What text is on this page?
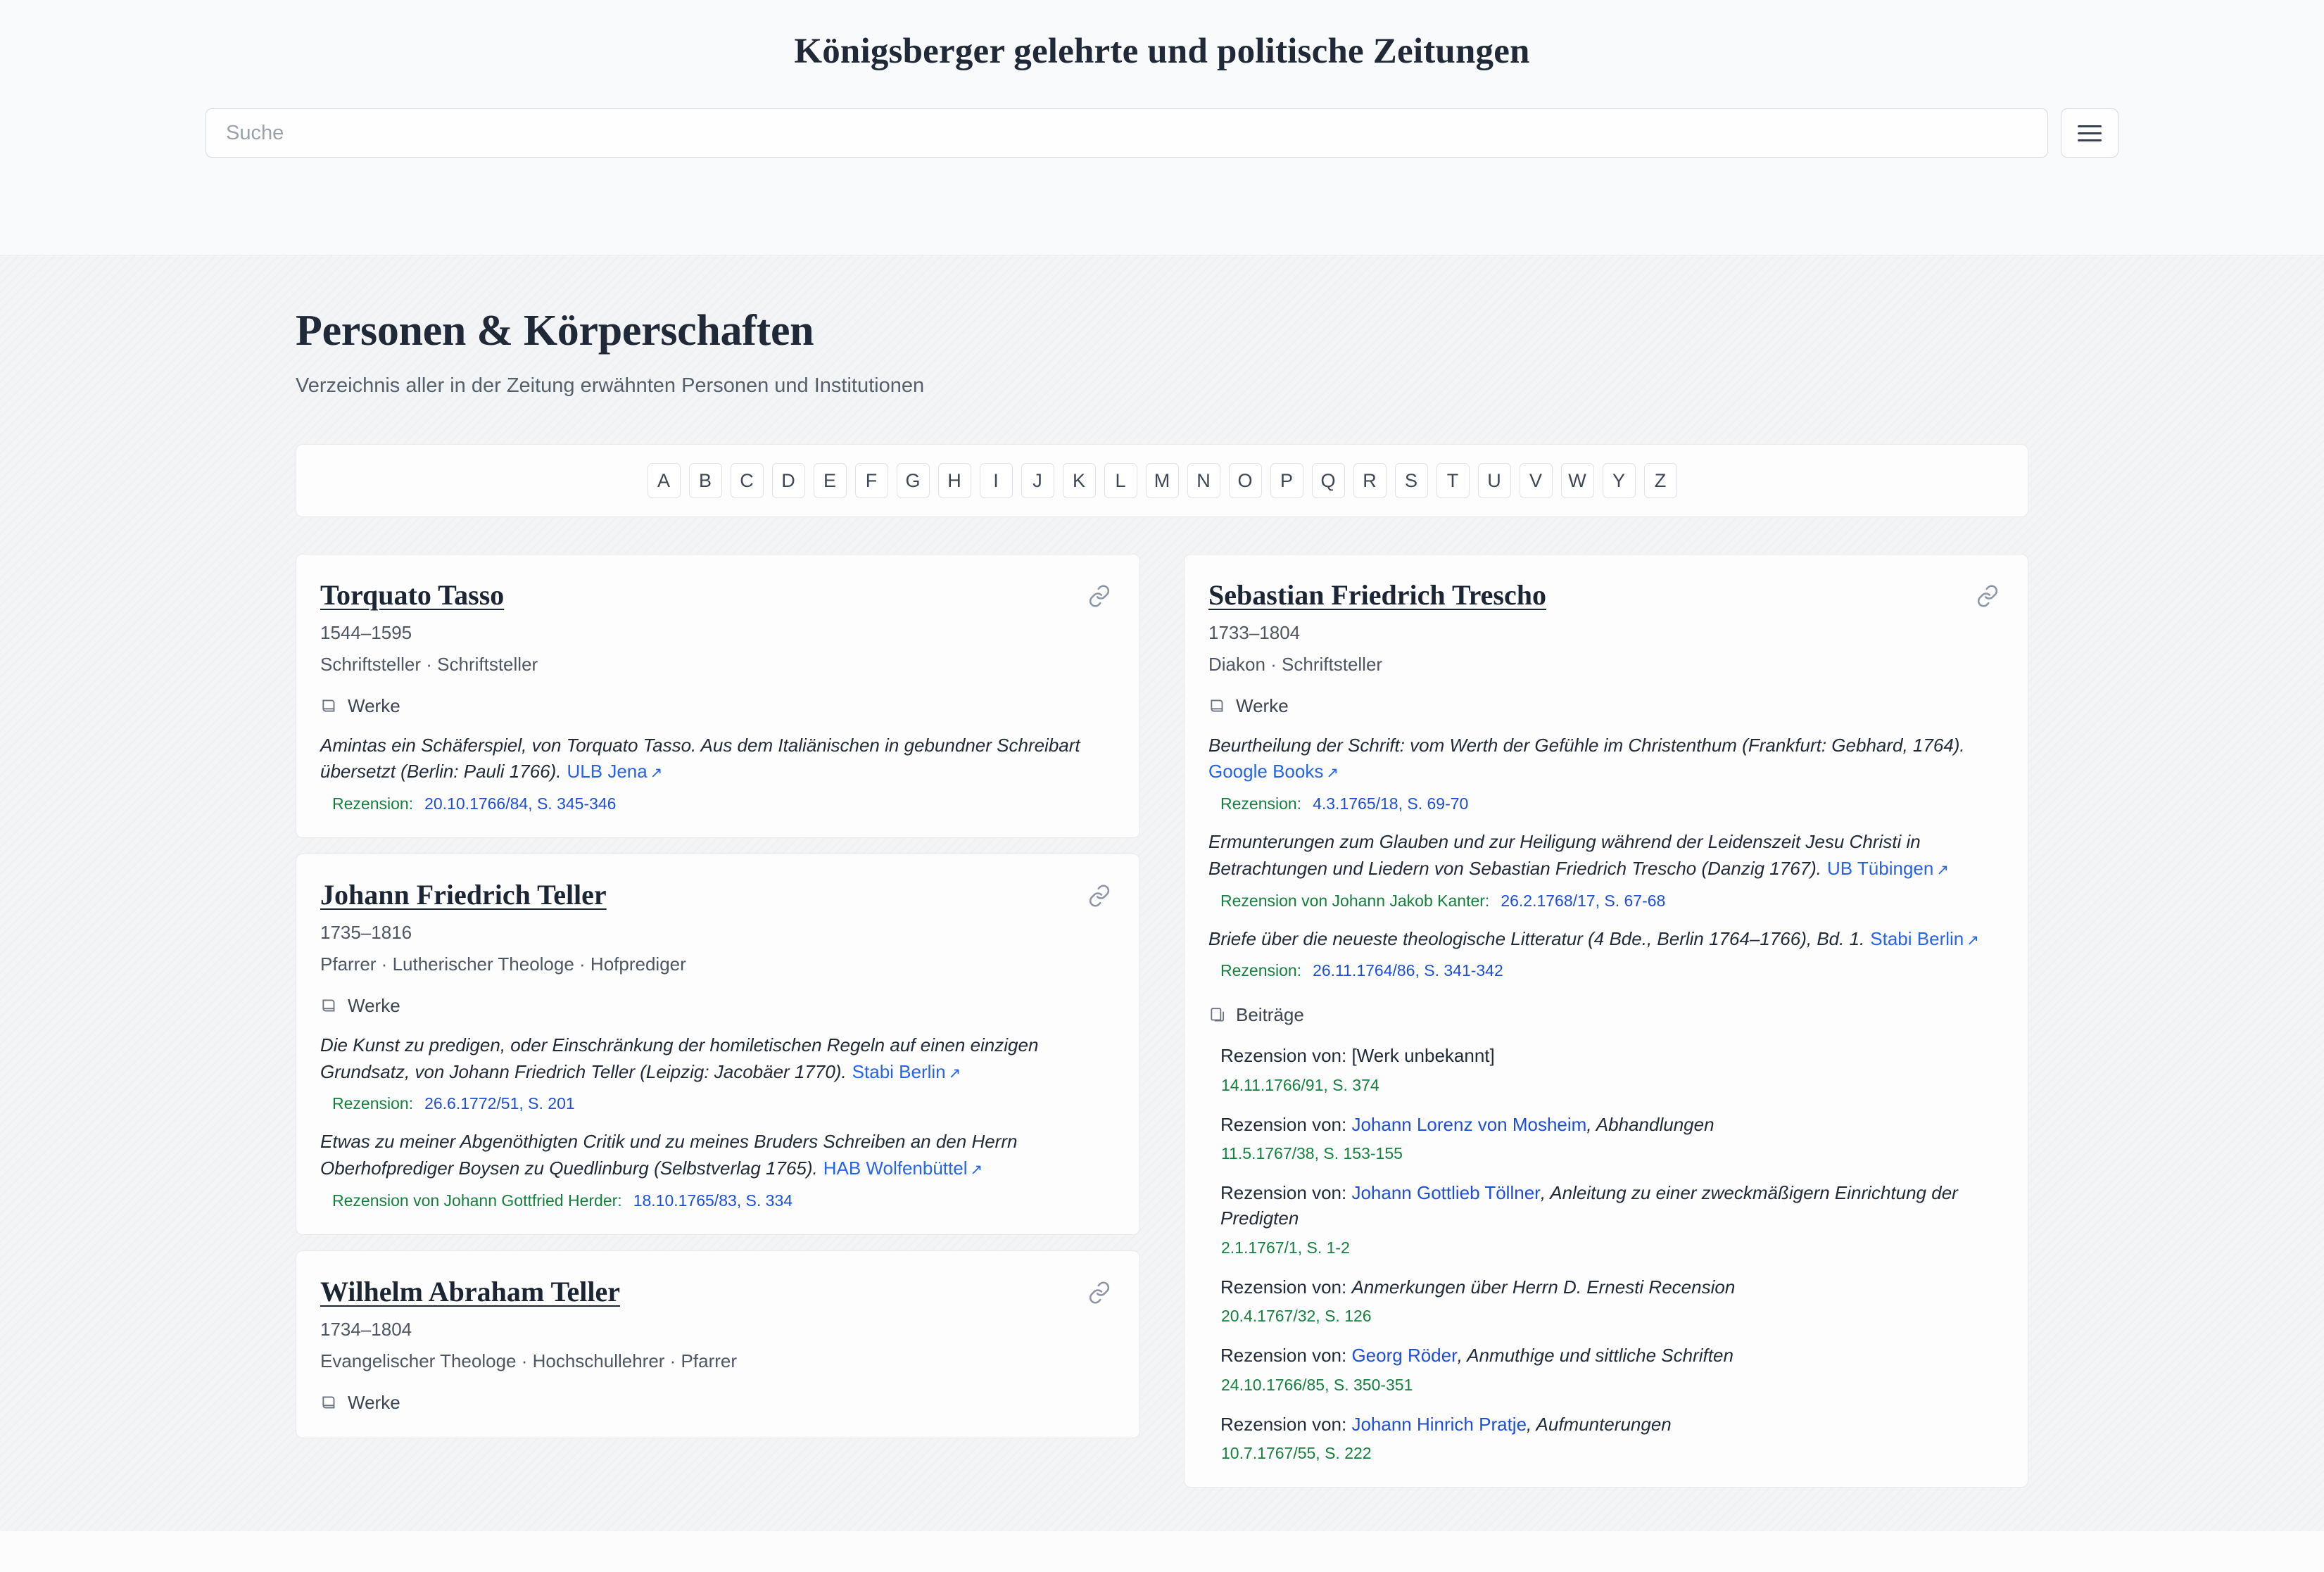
Königsberger gelehrte und politische Zeitungen
Suche
Personen & Körperschaften
Verzeichnis aller in der Zeitung erwähnten Personen und Institutionen
A	B	C	D	E	F	G	H	I	J	K	L	M	N	O	P	Q	R	S	T	U	V	W	Y	Z
Torquato Tasso
1544–1595
Schriftsteller · Schriftsteller
Werke
Amintas ein Schäferspiel, von Torquato Tasso. Aus dem Italiänischen in gebundner Schreibart übersetzt (Berlin: Pauli 1766). ULB Jena ↗
Rezension: 20.10.1766/84, S. 345-346
Johann Friedrich Teller
1735–1816
Pfarrer · Lutherischer Theologe · Hofprediger
Werke
Die Kunst zu predigen, oder Einschränkung der homiletischen Regeln auf einen einzigen Grundsatz, von Johann Friedrich Teller (Leipzig: Jacobäer 1770). Stabi Berlin ↗
Rezension: 26.6.1772/51, S. 201
Etwas zu meiner Abgenöthigten Critik und zu meines Bruders Schreiben an den Herrn Oberhofprediger Boysen zu Quedlinburg (Selbstverlag 1765). HAB Wolfenbüttel ↗
Rezension von Johann Gottfried Herder: 18.10.1765/83, S. 334
Wilhelm Abraham Teller
1734–1804
Evangelischer Theologe · Hochschullehrer · Pfarrer
Werke
Sebastian Friedrich Trescho
1733–1804
Diakon · Schriftsteller
Werke
Beurtheilung der Schrift: vom Werth der Gefühle im Christenthum (Frankfurt: Gebhard, 1764).
Google Books ↗
Rezension: 4.3.1765/18, S. 69-70
Ermunterungen zum Glauben und zur Heiligung während der Leidenszeit Jesu Christi in Betrachtungen und Liedern von Sebastian Friedrich Trescho (Danzig 1767). UB Tübingen ↗
Rezension von Johann Jakob Kanter: 26.2.1768/17, S. 67-68
Briefe über die neueste theologische Litteratur (4 Bde., Berlin 1764–1766), Bd. 1. Stabi Berlin ↗
Rezension: 26.11.1764/86, S. 341-342
Beiträge
Rezension von: [Werk unbekannt]
14.11.1766/91, S. 374
Rezension von: Johann Lorenz von Mosheim, Abhandlungen
11.5.1767/38, S. 153-155
Rezension von: Johann Gottlieb Töllner, Anleitung zu einer zweckmäßigern Einrichtung der Predigten
2.1.1767/1, S. 1-2
Rezension von: Anmerkungen über Herrn D. Ernesti Recension
20.4.1767/32, S. 126
Rezension von: Georg Röder, Anmuthige und sittliche Schriften
24.10.1766/85, S. 350-351
Rezension von: Johann Hinrich Pratje, Aufmunterungen
10.7.1767/55, S. 222
